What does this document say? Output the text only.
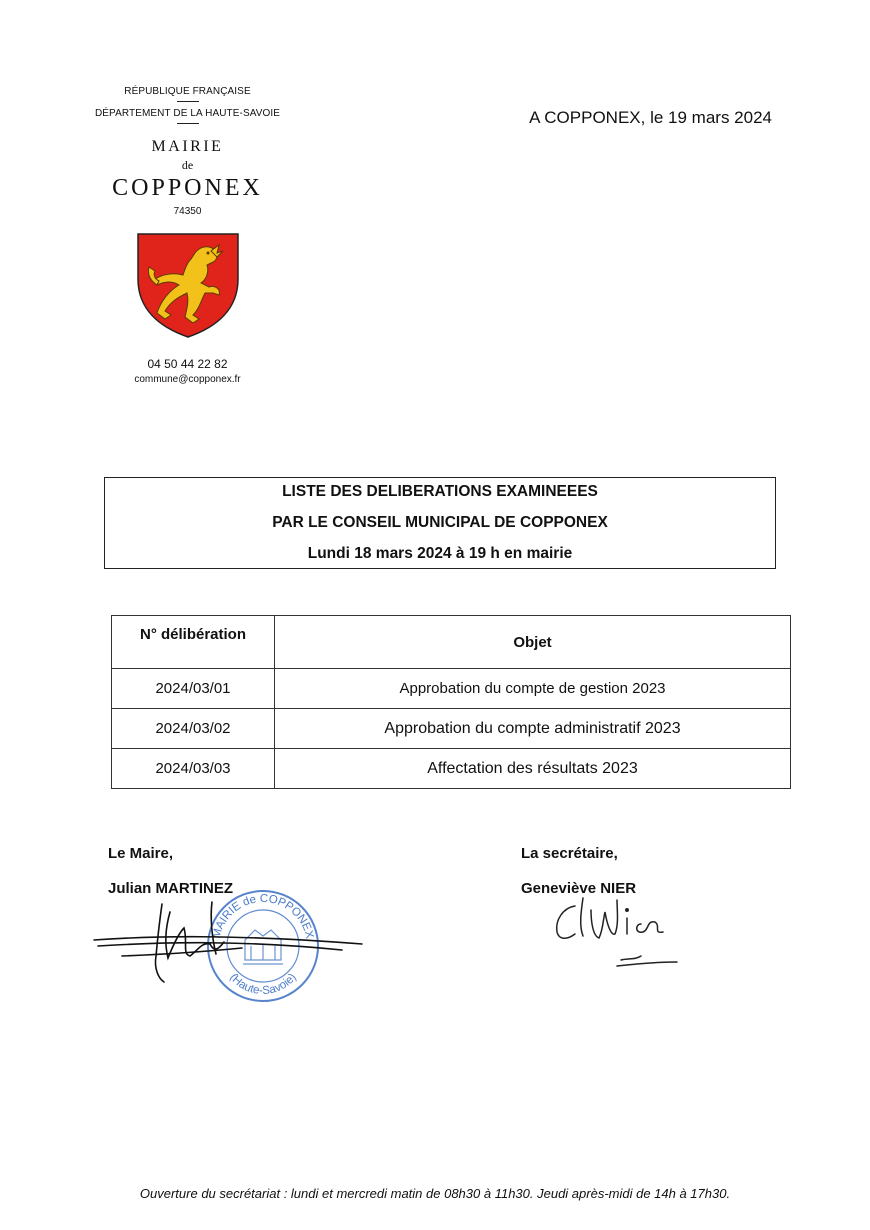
RÉPUBLIQUE FRANÇAISE
DÉPARTEMENT DE LA HAUTE-SAVOIE
MAIRIE
de
COPPONEX
74350
04 50 44 22 82
commune@copponex.fr
A COPPONEX, le 19 mars 2024
LISTE DES DELIBERATIONS EXAMINEEES
PAR LE CONSEIL MUNICIPAL DE COPPONEX
Lundi 18 mars 2024 à 19 h en mairie
N° délibération	Objet
2024/03/01	Approbation du compte de gestion 2023
2024/03/02	Approbation du compte administratif 2023
2024/03/03	Affectation des résultats 2023
Le Maire,
Julian MARTINEZ
La secrétaire,
Geneviève NIER
MAIRIE de COPPONEX
(Haute-Savoie)
Ouverture du secrétariat : lundi et mercredi matin de 08h30 à 11h30. Jeudi après-midi de 14h à 17h30.
